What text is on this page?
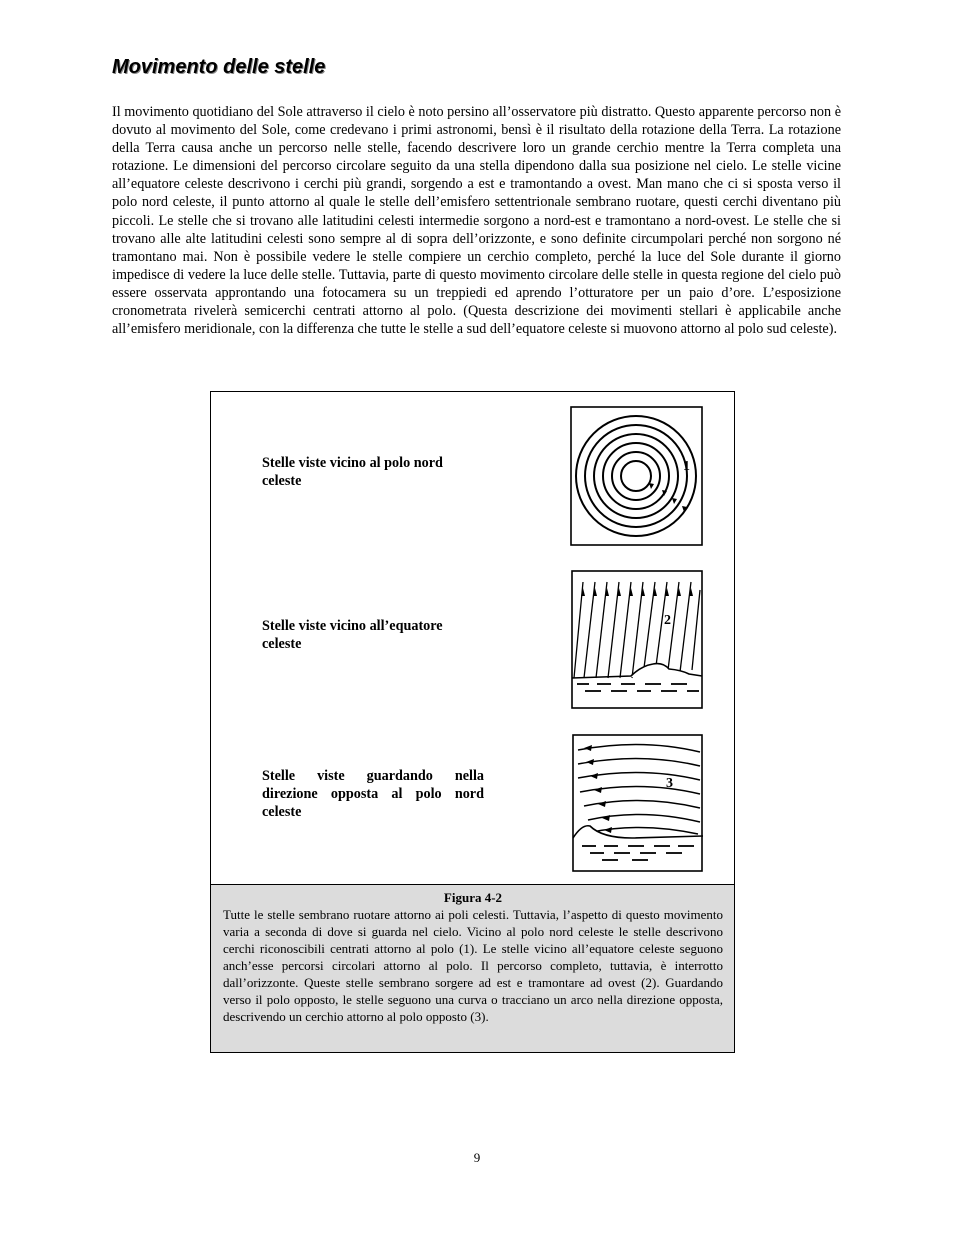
Movimento delle stelle

Il movimento quotidiano del Sole attraverso il cielo è noto persino all’osservatore più distratto. Questo apparente percorso non è dovuto al movimento del Sole, come credevano i primi astronomi, bensì è il risultato della rotazione della Terra. La rotazione della Terra causa anche un percorso nelle stelle, facendo descrivere loro un grande cerchio mentre la Terra completa una rotazione. Le dimensioni del percorso circolare seguito da una stella dipendono dalla sua posizione nel cielo. Le stelle vicine all’equatore celeste descrivono i cerchi più grandi, sorgendo a est e tramontando a ovest. Man mano che ci si sposta verso il polo nord celeste, il punto attorno al quale le stelle dell’emisfero settentrionale sembrano ruotare, questi cerchi diventano più piccoli. Le stelle che si trovano alle latitudini celesti intermedie sorgono a nord-est e tramontano a nord-ovest. Le stelle che si trovano alle alte latitudini celesti sono sempre al di sopra dell’orizzonte, e sono definite circumpolari perché non sorgono né tramontano mai. Non è possibile vedere le stelle compiere un cerchio completo, perché la luce del Sole durante il giorno impedisce di vedere la luce delle stelle. Tuttavia, parte di questo movimento circolare delle stelle in questa regione del cielo può essere osservata approntando una fotocamera su un treppiedi ed aprendo l’otturatore per un paio d’ore. L’esposizione cronometrata rivelerà semicerchi centrati attorno al polo. (Questa descrizione dei movimenti stellari è applicabile anche all’emisfero meridionale, con la differenza che tutte le stelle a sud dell’equatore celeste si muovono attorno al polo sud celeste).

Stelle viste vicino al polo nord celeste

Stelle viste vicino all’equatore celeste

Stelle viste guardando nella direzione opposta al polo nord celeste

1
2
3

Figura 4-2

Tutte le stelle sembrano ruotare attorno ai poli celesti. Tuttavia, l’aspetto di questo movimento varia a seconda di dove si guarda nel cielo. Vicino al polo nord celeste le stelle descrivono cerchi riconoscibili centrati attorno al polo (1). Le stelle vicino all’equatore celeste seguono anch’esse percorsi circolari attorno al polo. Il percorso completo, tuttavia, è interrotto dall’orizzonte. Queste stelle sembrano sorgere ad est e tramontare ad ovest (2). Guardando verso il polo opposto, le stelle seguono una curva o tracciano un arco nella direzione opposta, descrivendo un cerchio attorno al polo opposto (3).

9
